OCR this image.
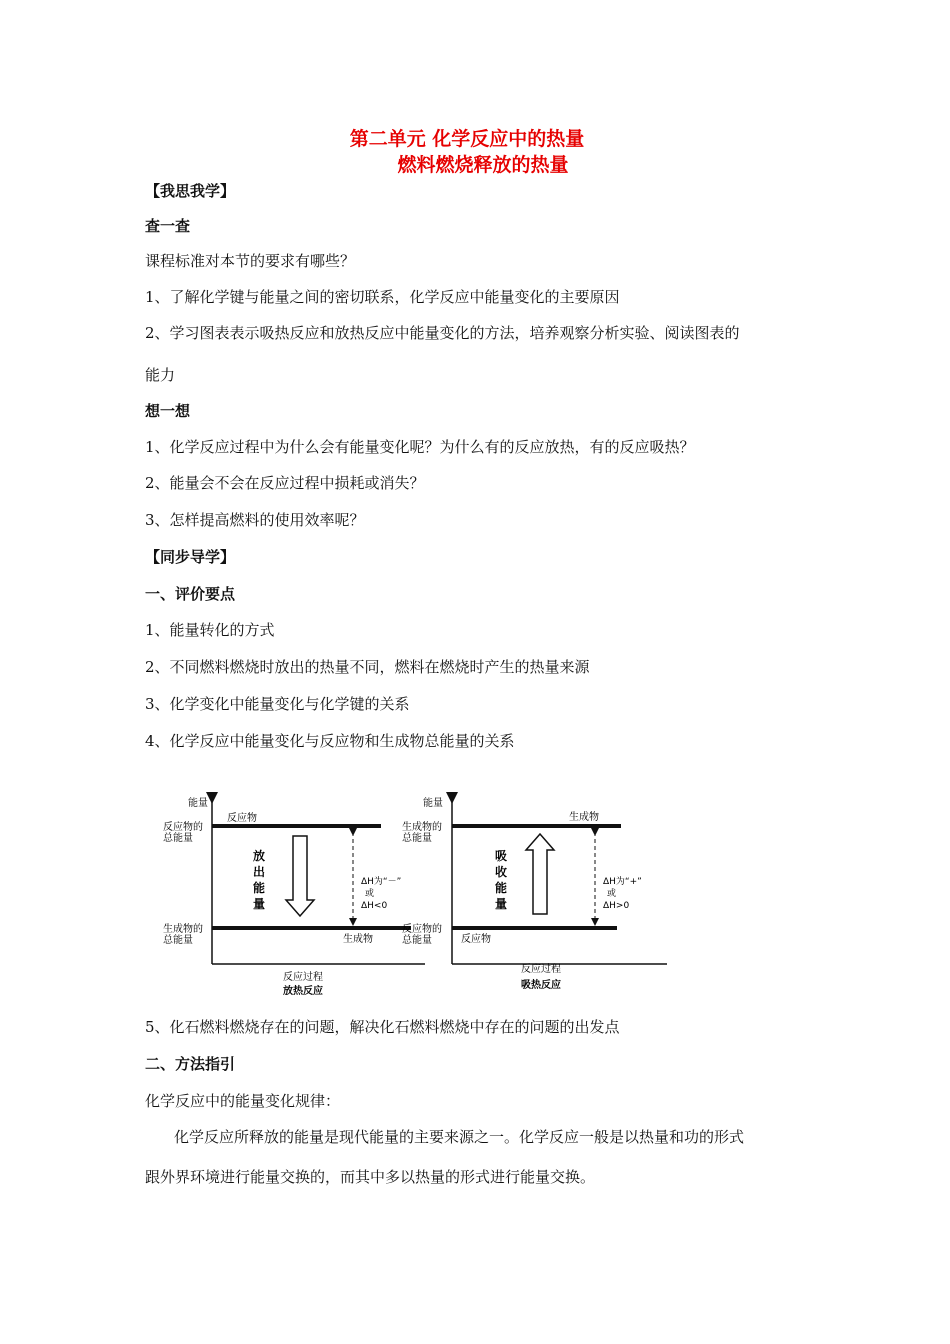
第二单元 化学反应中的热量
燃料燃烧释放的热量
【我思我学】
查一查
课程标准对本节的要求有哪些？
1、了解化学键与能量之间的密切联系，化学反应中能量变化的主要原因
2、学习图表表示吸热反应和放热反应中能量变化的方法，培养观察分析实验、阅读图表的
能力
想一想
1、化学反应过程中为什么会有能量变化呢？为什么有的反应放热，有的反应吸热？
2、能量会不会在反应过程中损耗或消失？
3、怎样提高燃料的使用效率呢？
【同步导学】
一、评价要点
1、能量转化的方式
2、不同燃料燃烧时放出的热量不同，燃料在燃烧时产生的热量来源
3、化学变化中能量变化与化学键的关系
4、化学反应中能量变化与反应物和生成物总能量的关系
能量
反应物
反应物的总能量
生成物
生成物的总能量
放出能量
ΔH为“－”
或
ΔH<0
反应过程
放热反应
能量
生成物
生成物的总能量
反应物
反应物的总能量
吸收能量
ΔH为“+”
或
ΔH>0
反应过程
吸热反应
5、化石燃料燃烧存在的问题，解决化石燃料燃烧中存在的问题的出发点
二、方法指引
化学反应中的能量变化规律：
化学反应所释放的能量是现代能量的主要来源之一。化学反应一般是以热量和功的形式
跟外界环境进行能量交换的，而其中多以热量的形式进行能量交换。
